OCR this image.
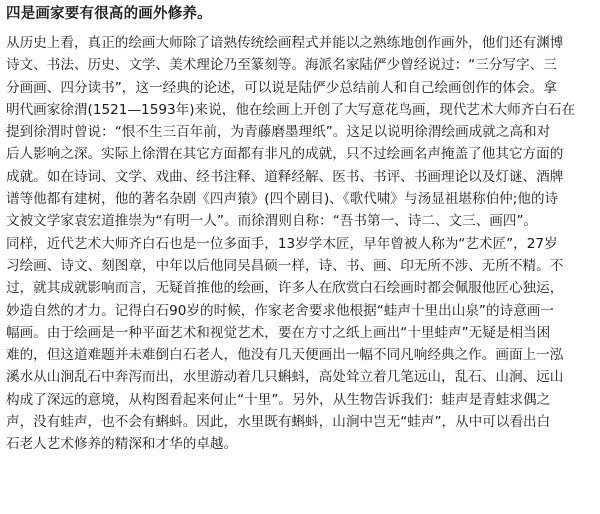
四是画家要有很高的画外修养。
从历史上看，真正的绘画大师除了谙熟传统绘画程式并能以之熟练地创作画外，他们还有渊博
诗文、书法、历史、文学、美术理论乃至篆刻等。海派名家陆俨少曾经说过：“三分写字、三
分画画、四分读书”，这一经典的论述，可以说是陆俨少总结前人和自己绘画创作的体会。拿
明代画家徐渭(1521—1593年)来说，他在绘画上开创了大写意花鸟画，现代艺术大师齐白石在
提到徐渭时曾说：“恨不生三百年前，为青藤磨墨理纸”。这足以说明徐渭绘画成就之高和对
后人影响之深。实际上徐渭在其它方面都有非凡的成就，只不过绘画名声掩盖了他其它方面的
成就。如在诗词、文学、戏曲、经书注释、道释经解、医书、书评、书画理论以及灯谜、酒牌
谱等他都有建树，他的著名杂剧《四声猿》(四个剧目)、《歌代啸》与汤显祖堪称伯仲;他的诗
文被文学家袁宏道推崇为“有明一人”。而徐渭则自称：“吾书第一、诗二、文三、画四”。
同样，近代艺术大师齐白石也是一位多面手，13岁学木匠，早年曾被人称为“艺术匠”，27岁
习绘画、诗文、刻图章，中年以后他同吴昌硕一样，诗、书、画、印无所不涉、无所不精。不
过，就其成就影响而言，无疑首推他的绘画，许多人在欣赏白石绘画时都会佩服他匠心独运，
妙造自然的才力。记得白石90岁的时候，作家老舍要求他根据“蛙声十里出山泉”的诗意画一
幅画。由于绘画是一种平面艺术和视觉艺术，要在方寸之纸上画出“十里蛙声”无疑是相当困
难的，但这道难题并未难倒白石老人，他没有几天便画出一幅不同凡响经典之作。画面上一泓
溪水从山涧乱石中奔泻而出，水里游动着几只蝌蚪，高处耸立着几笔远山，乱石、山涧、远山
构成了深远的意境，从构图看起来何止“十里”。另外，从生物告诉我们：蛙声是青蛙求偶之
声，没有蛙声，也不会有蝌蚪。因此，水里既有蝌蚪，山涧中岂无“蛙声”，从中可以看出白
石老人艺术修养的精深和才华的卓越。
